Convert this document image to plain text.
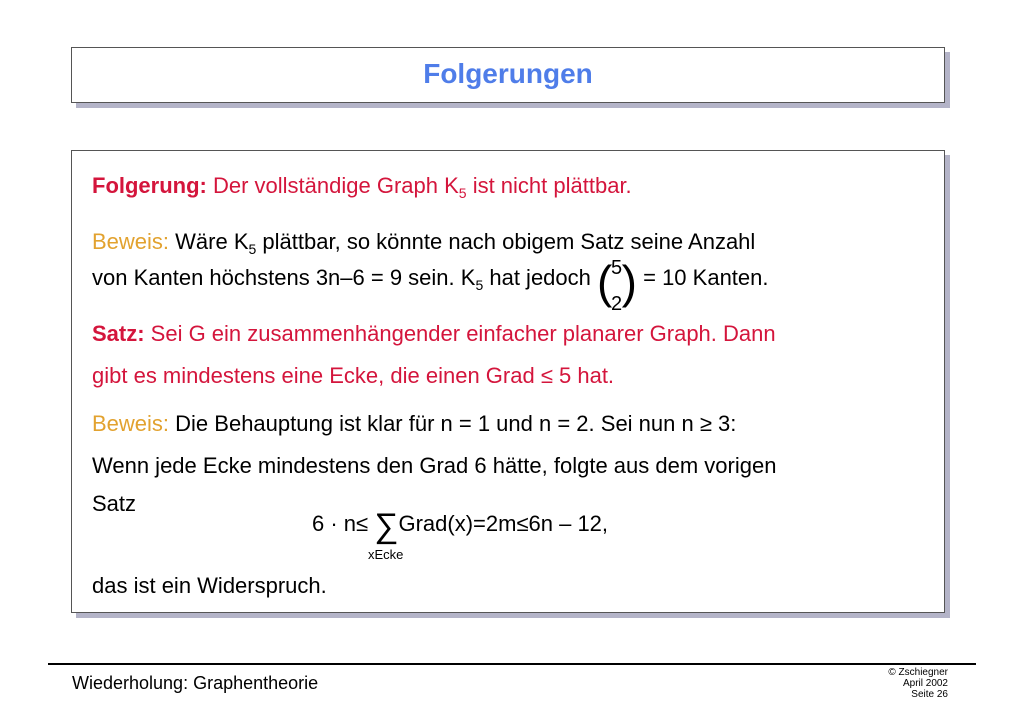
Folgerungen
Folgerung: Der vollständige Graph $K_5$ ist nicht plättbar.
Beweis: Wäre $K_5$ plättbar, so könnte nach obigem Satz seine Anzahl
von Kanten höchstens 3n–6 = 9 sein. $K_5$ hat jedoch (
5
2 ) = 10 Kanten.
Satz: Sei G ein zusammenhängender einfacher planarer Graph. Dann
gibt es mindestens eine Ecke, die einen Grad ≤ 5 hat.
Beweis: Die Behauptung ist klar für n = 1 und n = 2. Sei nun n ≥ 3:
Wenn jede Ecke mindestens den Grad 6 hätte, folgte aus dem vorigen
Satz
6 · n≤ ∑Grad(x)=2m≤6n – 12,
xEcke
das ist ein Widerspruch.
Wiederholung: Graphentheorie
© Zschiegner
April 2002
Seite 26
